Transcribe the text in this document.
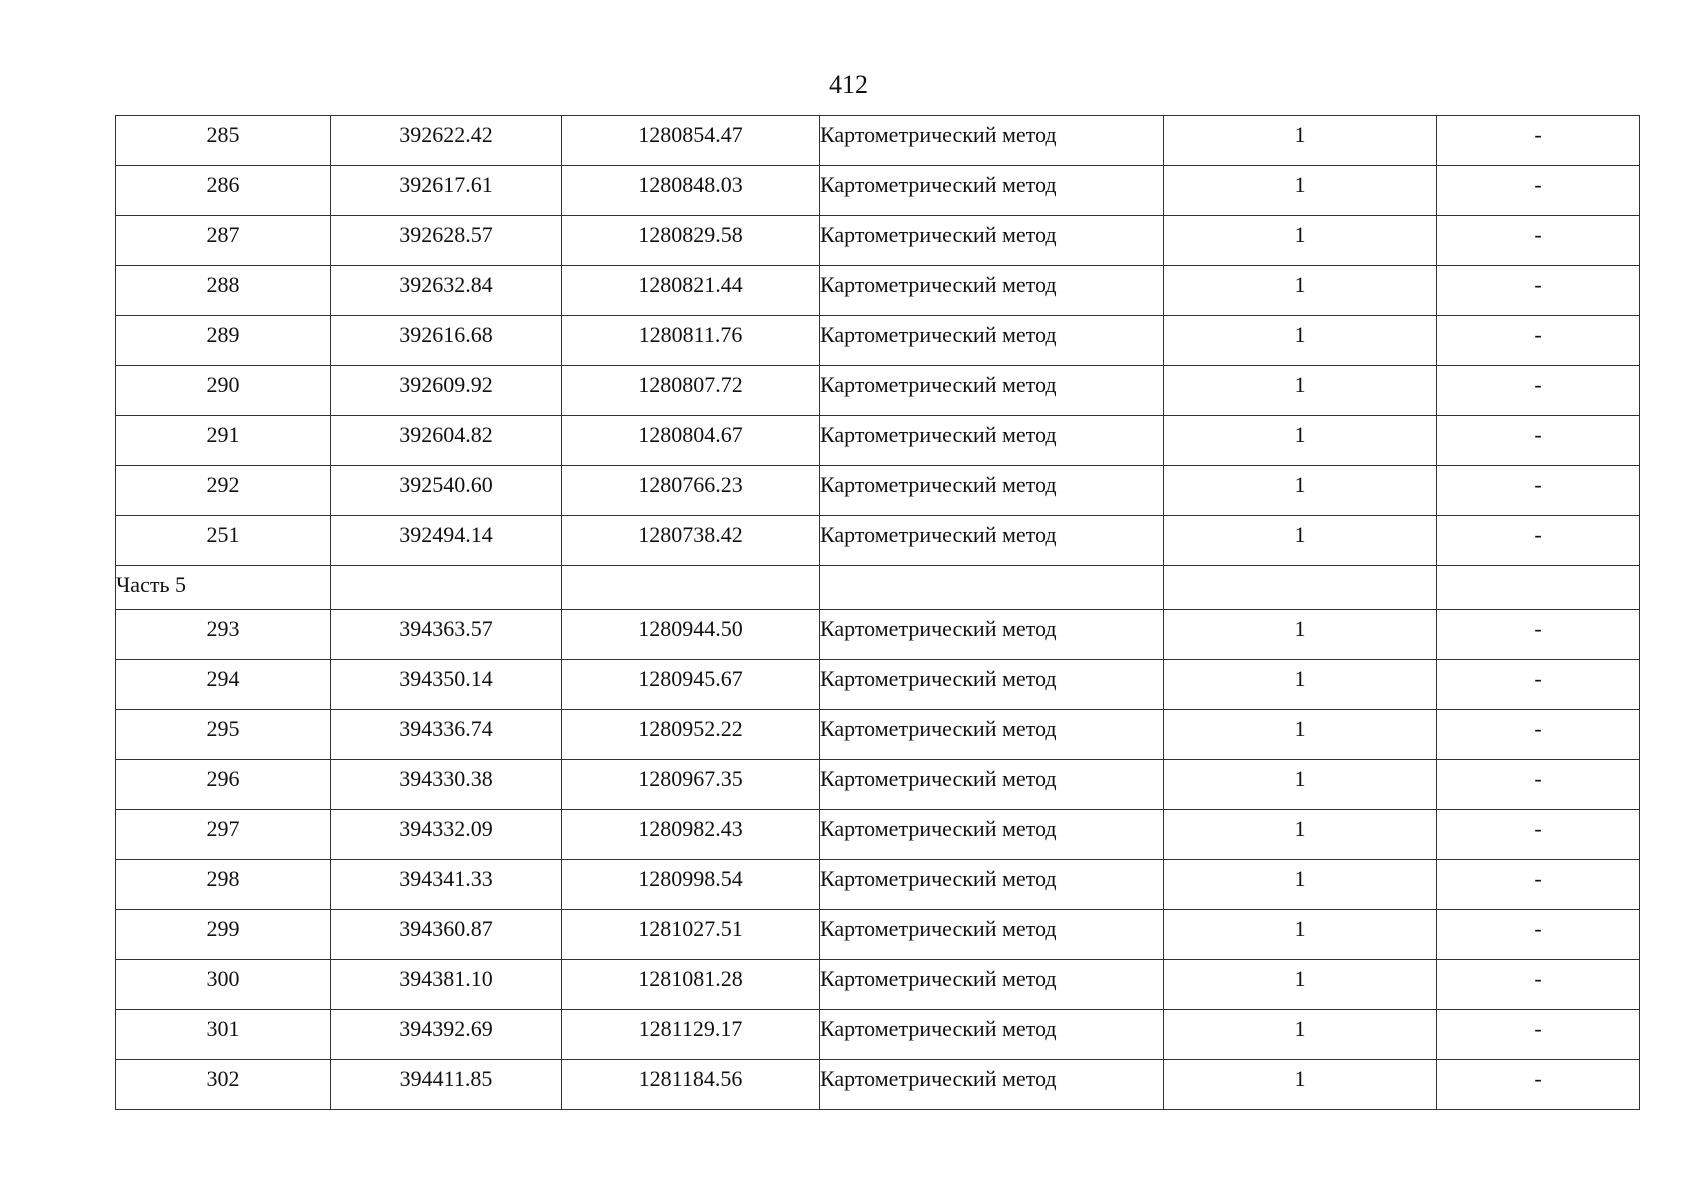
412
285	392622.42	1280854.47	Картометрический метод	1	-
286	392617.61	1280848.03	Картометрический метод	1	-
287	392628.57	1280829.58	Картометрический метод	1	-
288	392632.84	1280821.44	Картометрический метод	1	-
289	392616.68	1280811.76	Картометрический метод	1	-
290	392609.92	1280807.72	Картометрический метод	1	-
291	392604.82	1280804.67	Картометрический метод	1	-
292	392540.60	1280766.23	Картометрический метод	1	-
251	392494.14	1280738.42	Картометрический метод	1	-
Часть 5					
293	394363.57	1280944.50	Картометрический метод	1	-
294	394350.14	1280945.67	Картометрический метод	1	-
295	394336.74	1280952.22	Картометрический метод	1	-
296	394330.38	1280967.35	Картометрический метод	1	-
297	394332.09	1280982.43	Картометрический метод	1	-
298	394341.33	1280998.54	Картометрический метод	1	-
299	394360.87	1281027.51	Картометрический метод	1	-
300	394381.10	1281081.28	Картометрический метод	1	-
301	394392.69	1281129.17	Картометрический метод	1	-
302	394411.85	1281184.56	Картометрический метод	1	-
